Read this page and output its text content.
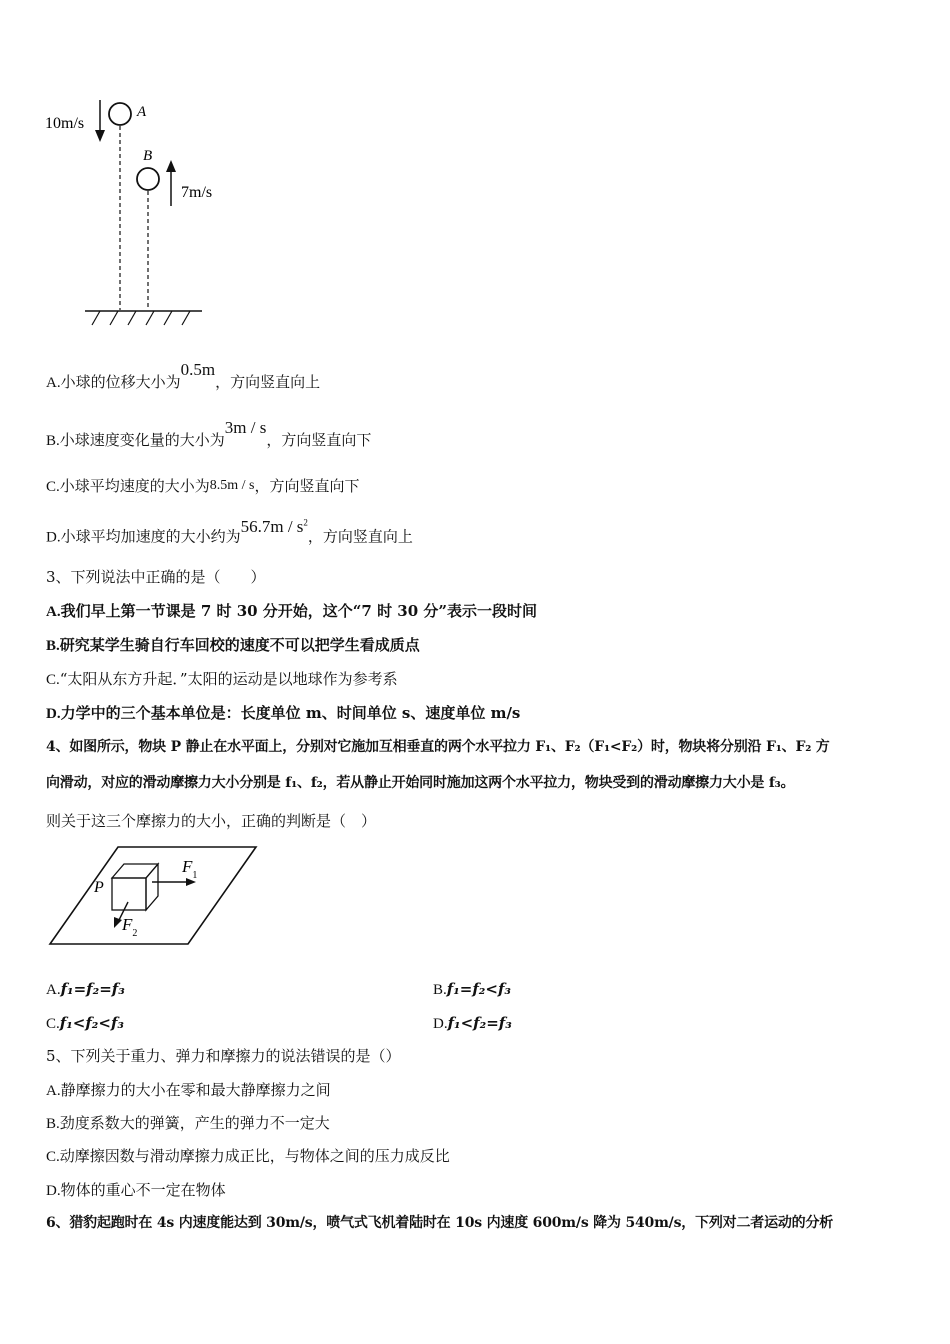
10m/s
A
B
7m/s
A.小球的位移大小为0.5m，方向竖直向上
B.小球速度变化量的大小为3m / s，方向竖直向下
C.小球平均速度的大小为8.5m / s，方向竖直向下
D.小球平均加速度的大小约为$56.7m / s^2$，方向竖直向上
3、下列说法中正确的是（　　）
A.我们早上第一节课是 7 时 30 分开始，这个“7 时 30 分”表示一段时间
B.研究某学生骑自行车回校的速度不可以把学生看成质点
C.“太阳从东方升起．”太阳的运动是以地球作为参考系
D.力学中的三个基本单位是：长度单位 m、时间单位 s、速度单位 m/s
4、如图所示，物块 P 静止在水平面上，分别对它施加互相垂直的两个水平拉力 F₁、F₂（F₁<F₂）时，物块将分别沿 F₁、F₂ 方
向滑动，对应的滑动摩擦力大小分别是 f₁、f₂，若从静止开始同时施加这两个水平拉力，物块受到的滑动摩擦力大小是 f₃。
则关于这三个摩擦力的大小，正确的判断是（　）
P
$F_1$
$F_2$
A.f₁=f₂=f₃	B.f₁=f₂<f₃
C.f₁<f₂<f₃	D.f₁<f₂=f₃
5、下列关于重力、弹力和摩擦力的说法错误的是（）
A.静摩擦力的大小在零和最大静摩擦力之间
B.劲度系数大的弹簧，产生的弹力不一定大
C.动摩擦因数与滑动摩擦力成正比，与物体之间的压力成反比
D.物体的重心不一定在物体
6、猎豹起跑时在 4s 内速度能达到 30m/s，喷气式飞机着陆时在 10s 内速度 600m/s 降为 540m/s，下列对二者运动的分析
